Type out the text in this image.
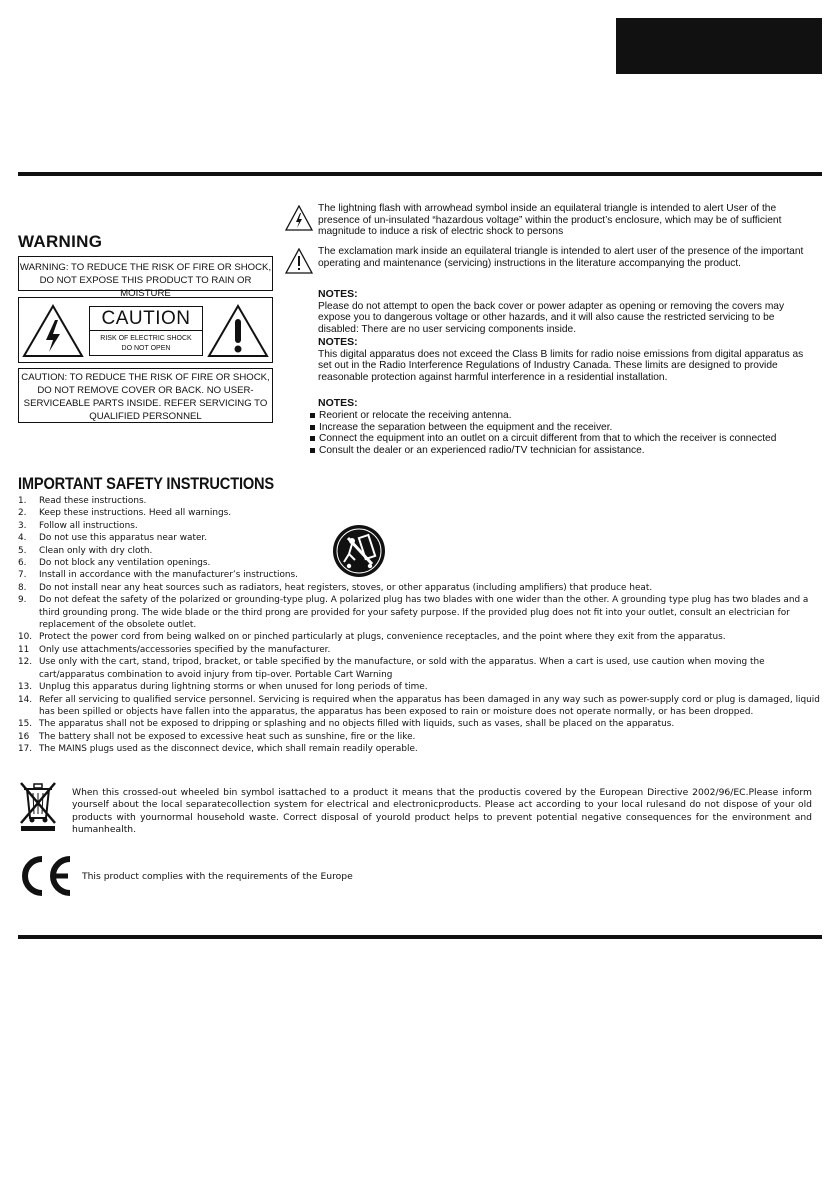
WARNING
WARNING: TO REDUCE THE RISK OF FIRE OR SHOCK, DO NOT EXPOSE THIS PRODUCT TO RAIN OR MOISTURE
CAUTION
RISK OF ELECTRIC SHOCK
DO NOT OPEN
CAUTION: TO REDUCE THE RISK OF FIRE OR SHOCK, DO NOT REMOVE COVER OR BACK. NO USER-SERVICEABLE PARTS INSIDE. REFER SERVICING TO QUALIFIED PERSONNEL
The lightning flash with arrowhead symbol inside an equilateral triangle is intended to alert User of the presence of un-insulated “hazardous voltage” within the product’s enclosure, which may be of sufficient magnitude to induce a risk of electric shock to persons
The exclamation mark inside an equilateral triangle is intended to alert user of the presence of the important operating and maintenance (servicing) instructions in the literature accompanying the product.
NOTES:
Please do not attempt to open the back cover or power adapter as opening or removing the covers may expose you to dangerous voltage or other hazards, and it will also cause the restricted servicing to be disabled: There are no user servicing components inside.
NOTES:
This digital apparatus does not exceed the Class B limits for radio noise emissions from digital apparatus as set out in the Radio Interference Regulations of Industry Canada. These limits are designed to provide reasonable protection against harmful interference in a residential installation.
NOTES:
Reorient or relocate the receiving antenna.
Increase the separation between the equipment and the receiver.
Connect the equipment into an outlet on a circuit different from that to which the receiver is connected
Consult the dealer or an experienced radio/TV technician for assistance.
IMPORTANT SAFETY INSTRUCTIONS
1. Read these instructions.
2. Keep these instructions. Heed all warnings.
3. Follow all instructions.
4. Do not use this apparatus near water.
5. Clean only with dry cloth.
6. Do not block any ventilation openings.
7. Install in accordance with the manufacturer’s instructions.
8. Do not install near any heat sources such as radiators, heat registers, stoves, or other apparatus (including amplifiers) that produce heat.
9. Do not defeat the safety of the polarized or grounding-type plug. A polarized plug has two blades with one wider than the other. A grounding type plug has two blades and a third grounding prong. The wide blade or the third prong are provided for your safety purpose. If the provided plug does not fit into your outlet, consult an electrician for replacement of the obsolete outlet.
10. Protect the power cord from being walked on or pinched particularly at plugs, convenience receptacles, and the point where they exit from the apparatus.
11 Only use attachments/accessories specified by the manufacturer.
12. Use only with the cart, stand, tripod, bracket, or table specified by the manufacture, or sold with the apparatus. When a cart is used, use caution when moving the cart/apparatus combination to avoid injury from tip-over. Portable Cart Warning
13. Unplug this apparatus during lightning storms or when unused for long periods of time.
14. Refer all servicing to qualified service personnel. Servicing is required when the apparatus has been damaged in any way such as power-supply cord or plug is damaged, liquid has been spilled or objects have fallen into the apparatus, the apparatus has been exposed to rain or moisture does not operate normally, or has been dropped.
15. The apparatus shall not be exposed to dripping or splashing and no objects filled with liquids, such as vases, shall be placed on the apparatus.
16 The battery shall not be exposed to excessive heat such as sunshine, fire or the like.
17. The MAINS plugs used as the disconnect device, which shall remain readily operable.
When this crossed-out wheeled bin symbol isattached to a product it means that the productis covered by the European Directive 2002/96/EC.Please inform yourself about the local separatecollection system for electrical and electronicproducts. Please act according to your local rulesand do not dispose of your old products with yournormal household waste. Correct disposal of yourold product helps to prevent potential negative consequences for the environment and humanhealth.
This product complies with the requirements of the Europe
